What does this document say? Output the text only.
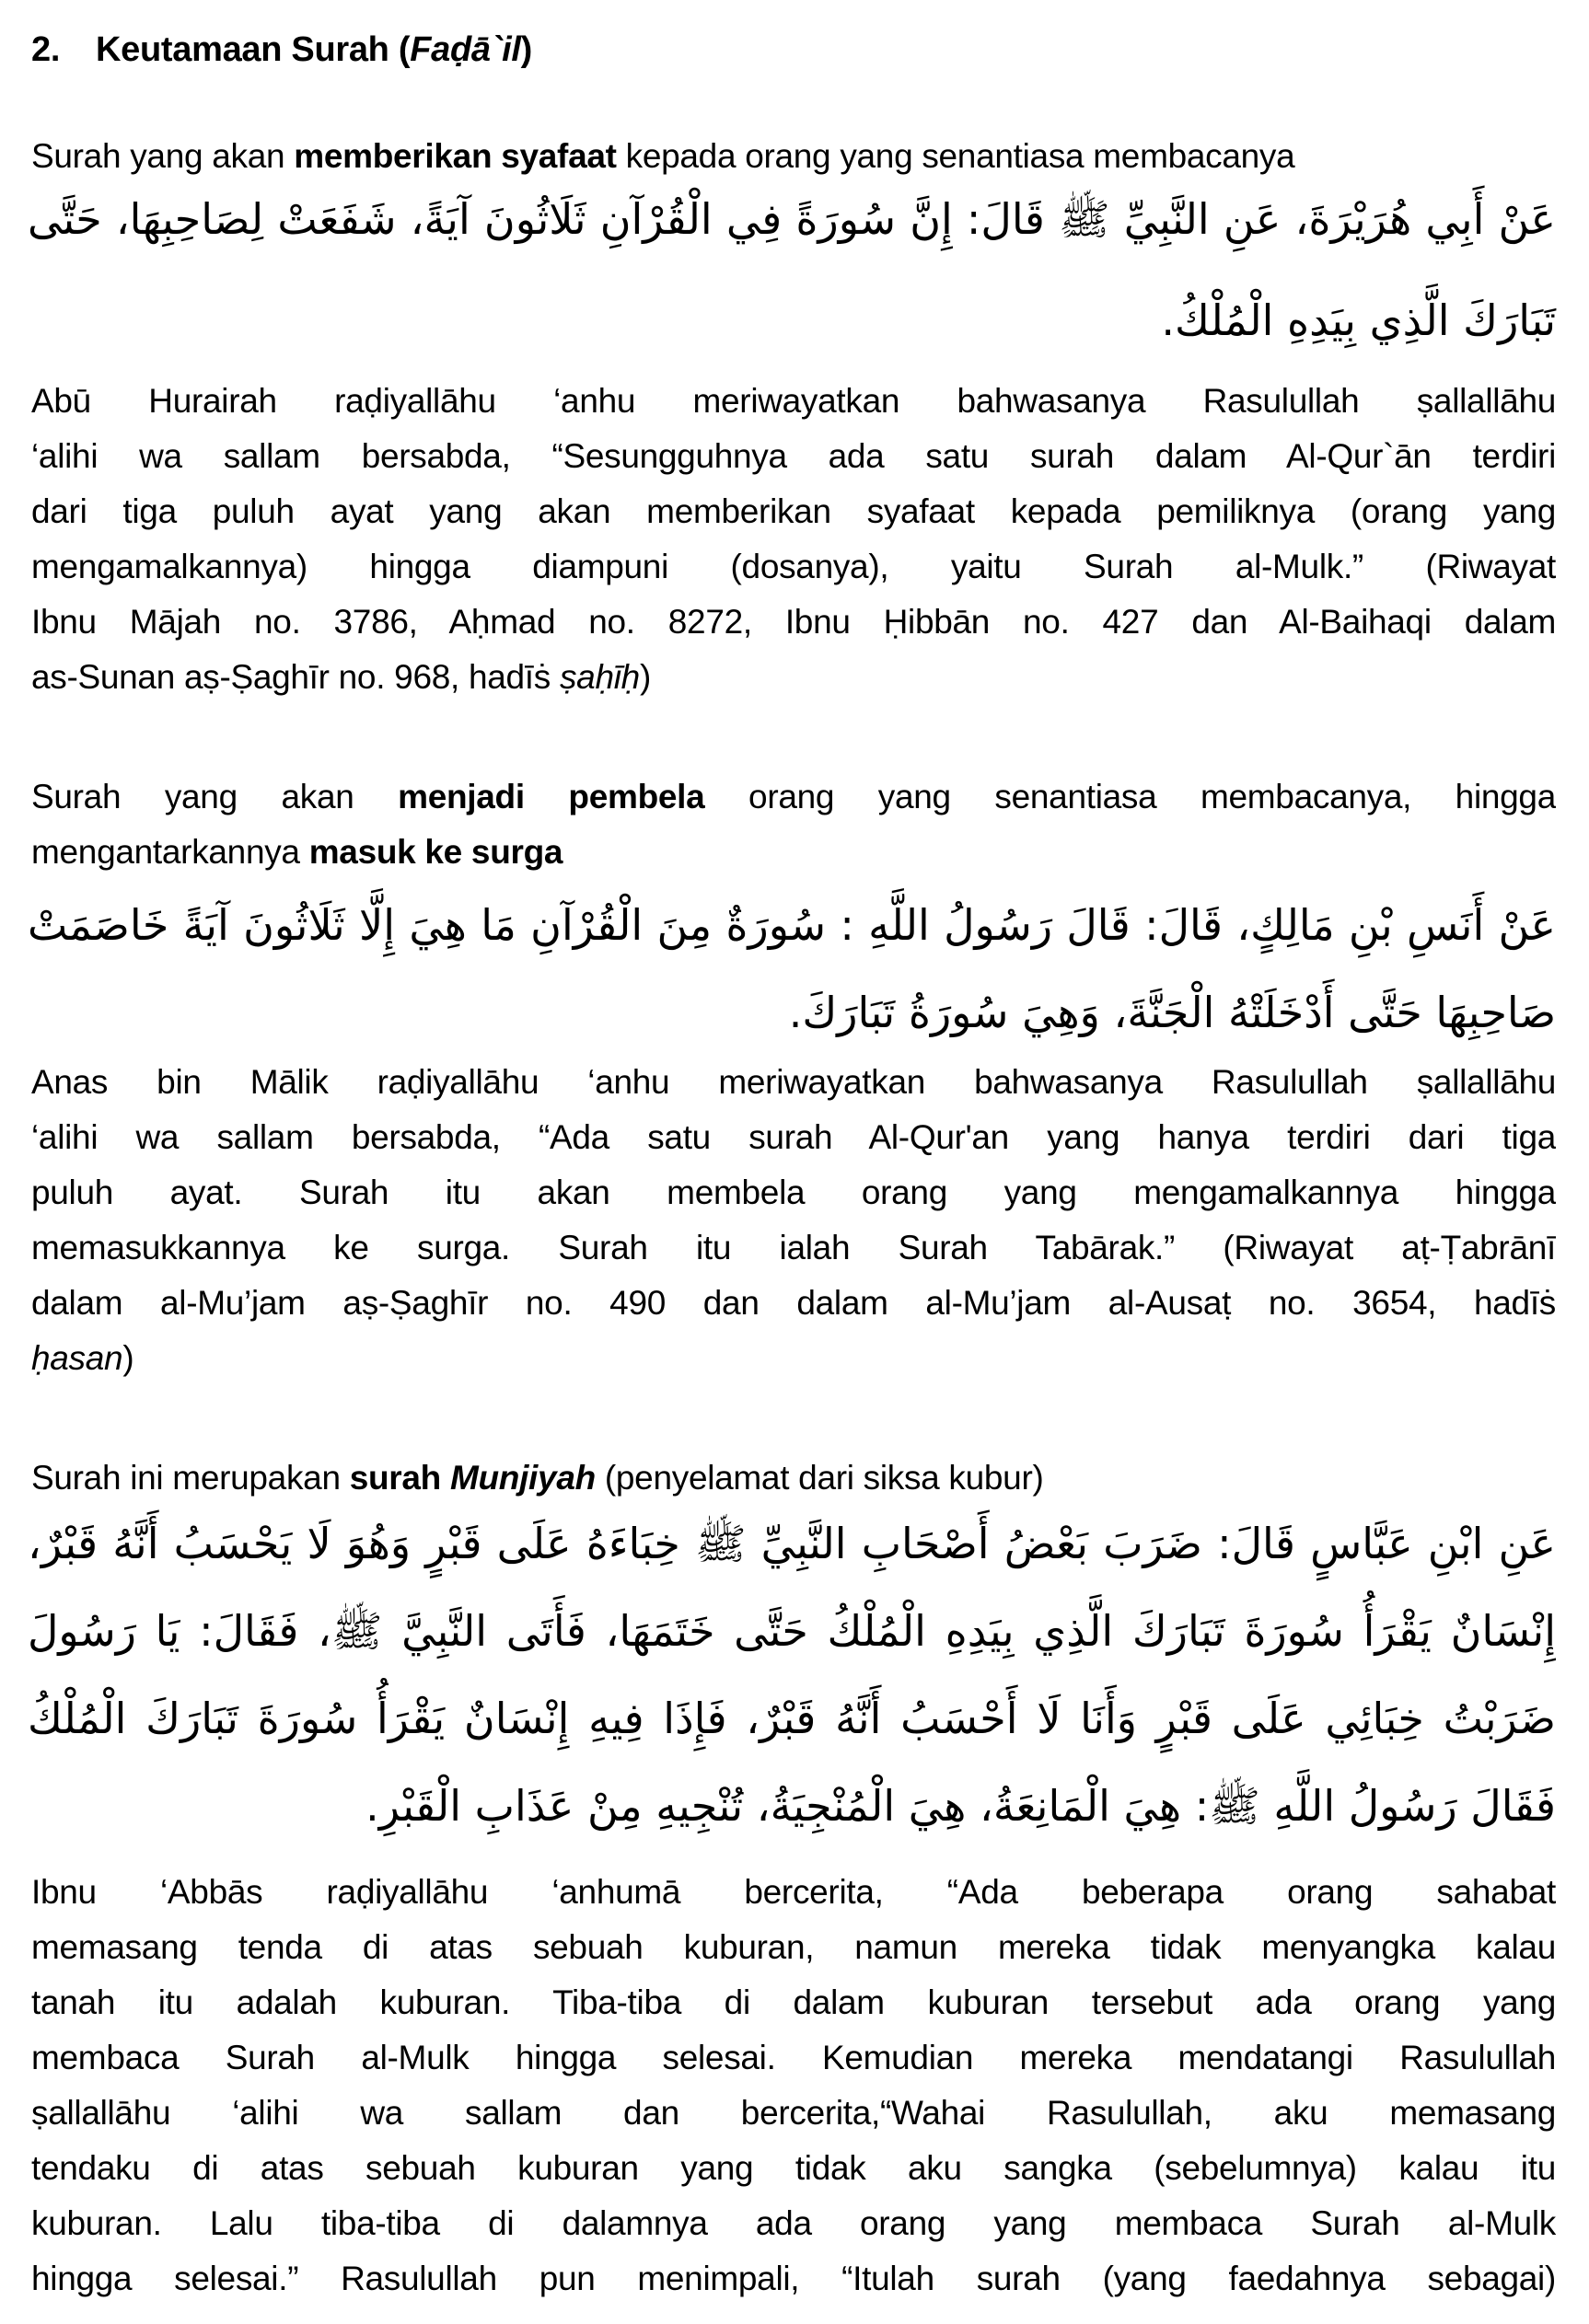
2. Keutamaan Surah (Faḍā`il)
Surah yang akan memberikan syafaat kepada orang yang senantiasa membacanya
عَنْ أَبِي هُرَيْرَةَ، عَنِ النَّبِيِّ ﷺ قَالَ: إِنَّ سُورَةً فِي الْقُرْآنِ ثَلَاثُونَ آيَةً، شَفَعَتْ لِصَاحِبِهَا، حَتَّى
تَبَارَكَ الَّذِي بِيَدِهِ الْمُلْكُ.
Abū Hurairah raḍiyallāhu ‘anhu meriwayatkan bahwasanya Rasulullah ṣallallāhu
‘alihi wa sallam bersabda, “Sesungguhnya ada satu surah dalam Al-Qur`ān terdiri
dari tiga puluh ayat yang akan memberikan syafaat kepada pemiliknya (orang yang
mengamalkannya) hingga diampuni (dosanya), yaitu Surah al-Mulk.” (Riwayat
Ibnu Mājah no. 3786, Aḥmad no. 8272, Ibnu Ḥibbān no. 427 dan Al-Baihaqi dalam
as-Sunan aṣ-Ṣaghīr no. 968, hadīṡ ṣaḥīḥ)
Surah yang akan menjadi pembela orang yang senantiasa membacanya, hingga
mengantarkannya masuk ke surga
عَنْ أَنَسِ بْنِ مَالِكٍ، قَالَ: قَالَ رَسُولُ اللَّهِ : سُورَةٌ مِنَ الْقُرْآنِ مَا هِيَ إِلَّا ثَلَاثُونَ آيَةً خَاصَمَتْ
صَاحِبِهَا حَتَّى أَدْخَلَتْهُ الْجَنَّةَ، وَهِيَ سُورَةُ تَبَارَكَ.
Anas bin Mālik raḍiyallāhu ‘anhu meriwayatkan bahwasanya Rasulullah ṣallallāhu
‘alihi wa sallam bersabda, “Ada satu surah Al-Qur'an yang hanya terdiri dari tiga
puluh ayat. Surah itu akan membela orang yang mengamalkannya hingga
memasukkannya ke surga. Surah itu ialah Surah Tabārak.” (Riwayat aṭ-Ṭabrānī
dalam al-Mu’jam aṣ-Ṣaghīr no. 490 dan dalam al-Mu’jam al-Ausaṭ no. 3654, hadīṡ
ḥasan)
Surah ini merupakan surah Munjiyah (penyelamat dari siksa kubur)
عَنِ ابْنِ عَبَّاسٍ قَالَ: ضَرَبَ بَعْضُ أَصْحَابِ النَّبِيِّ ﷺ خِبَاءَهُ عَلَى قَبْرٍ وَهُوَ لَا يَحْسَبُ أَنَّهُ قَبْرٌ،
إِنْسَانٌ يَقْرَأُ سُورَةَ تَبَارَكَ الَّذِي بِيَدِهِ الْمُلْكُ حَتَّى خَتَمَهَا، فَأَتَى النَّبِيَّ ﷺ، فَقَالَ: يَا رَسُولَ
ضَرَبْتُ خِبَائِي عَلَى قَبْرٍ وَأَنَا لَا أَحْسَبُ أَنَّهُ قَبْرٌ، فَإِذَا فِيهِ إِنْسَانٌ يَقْرَأُ سُورَةَ تَبَارَكَ الْمُلْكُ
فَقَالَ رَسُولُ اللَّهِ ﷺ: هِيَ الْمَانِعَةُ، هِيَ الْمُنْجِيَةُ، تُنْجِيهِ مِنْ عَذَابِ الْقَبْرِ.
Ibnu ‘Abbās raḍiyallāhu ‘anhumā bercerita, “Ada beberapa orang sahabat
memasang tenda di atas sebuah kuburan, namun mereka tidak menyangka kalau
tanah itu adalah kuburan. Tiba-tiba di dalam kuburan tersebut ada orang yang
membaca Surah al-Mulk hingga selesai. Kemudian mereka mendatangi Rasulullah
ṣallallāhu ‘alihi wa sallam dan bercerita,“Wahai Rasulullah, aku memasang
tendaku di atas sebuah kuburan yang tidak aku sangka (sebelumnya) kalau itu
kuburan. Lalu tiba-tiba di dalamnya ada orang yang membaca Surah al-Mulk
hingga selesai.” Rasulullah pun menimpali, “Itulah surah (yang faedahnya sebagai)
